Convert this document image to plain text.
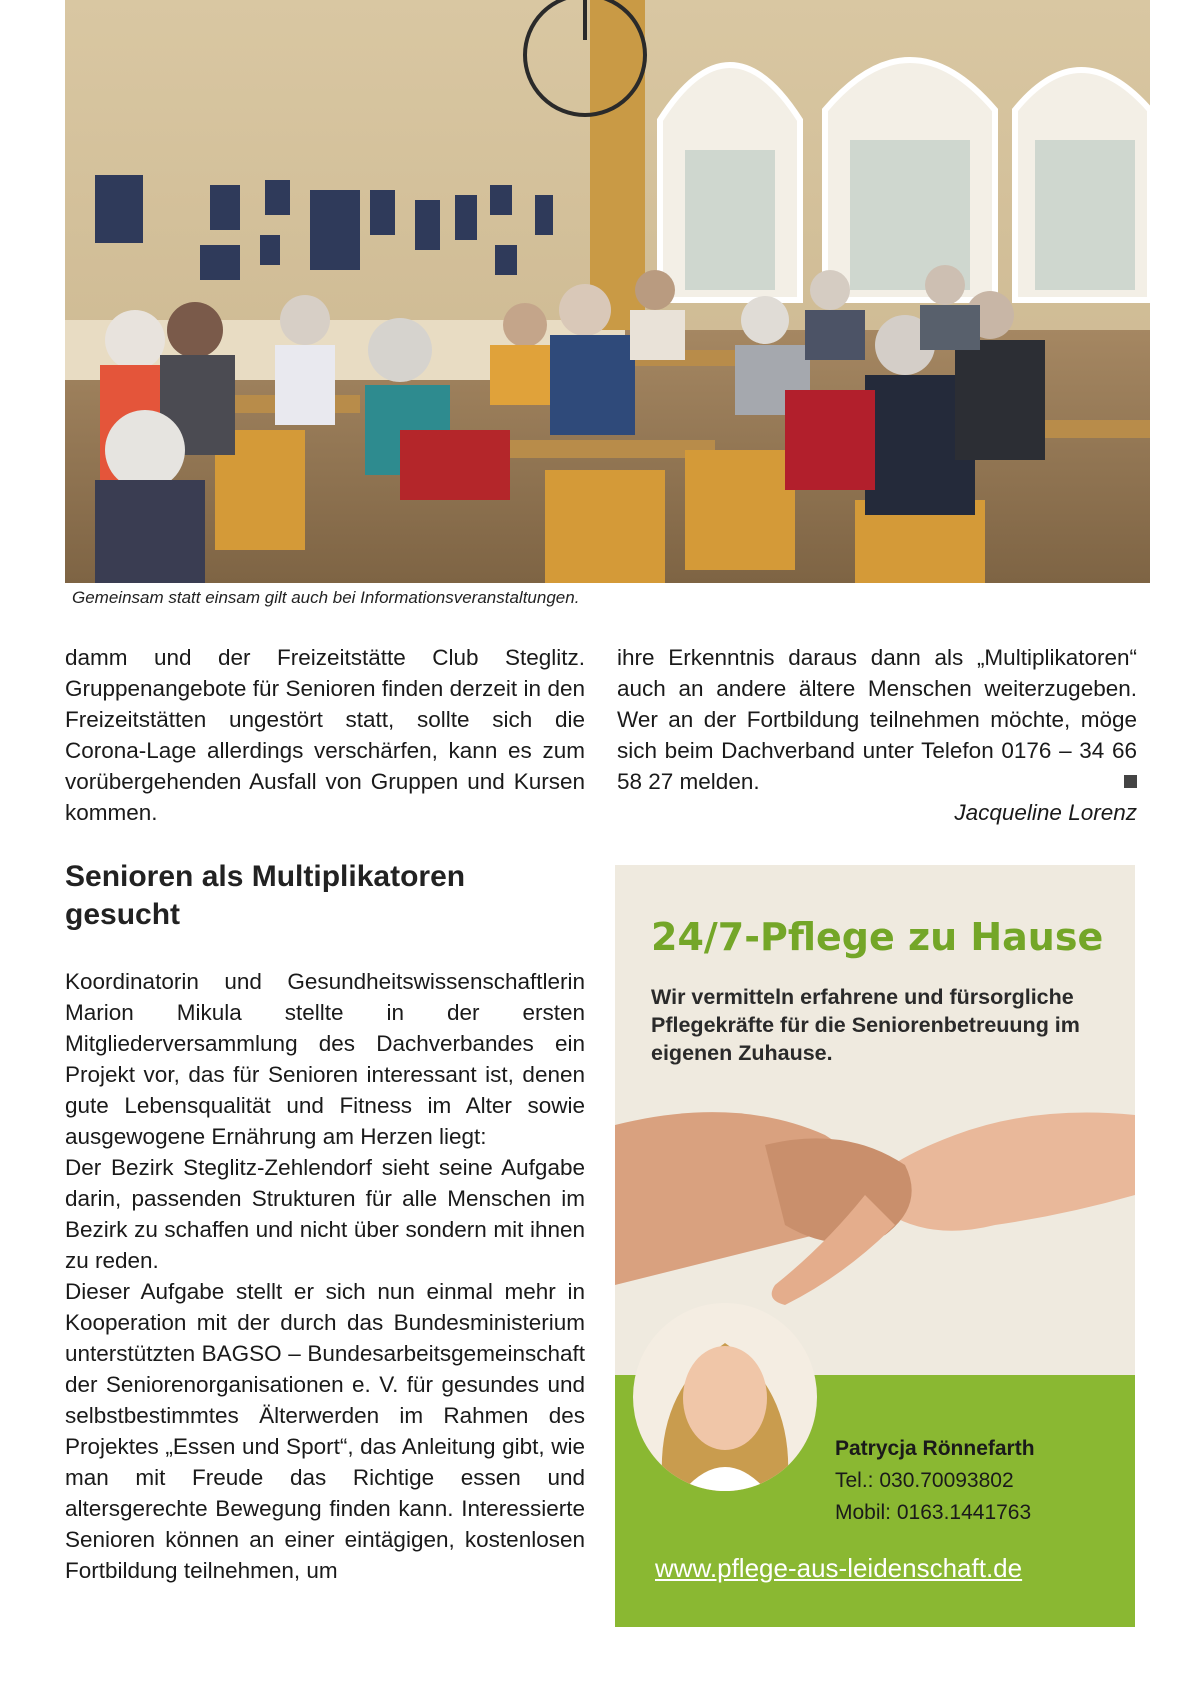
Gemeinsam statt einsam gilt auch bei Informationsveranstaltungen.

damm und der Freizeitstätte Club Steglitz. Gruppenangebote für Senioren finden derzeit in den Freizeitstätten ungestört statt, sollte sich die Corona-Lage allerdings verschärfen, kann es zum vorübergehenden Ausfall von Gruppen und Kursen kommen.

ihre Erkenntnis daraus dann als „Multiplikatoren“ auch an andere ältere Menschen weiterzugeben. Wer an der Fortbildung teilnehmen möchte, möge sich beim Dachverband unter Telefon 0176 – 34 66 58 27 melden.

Jacqueline Lorenz

Senioren als Multiplikatoren gesucht

Koordinatorin und Gesundheitswissenschaftlerin Marion Mikula stellte in der ersten Mitgliederversammlung des Dachverbandes ein Projekt vor, das für Senioren interessant ist, denen gute Lebensqualität und Fitness im Alter sowie ausgewogene Ernährung am Herzen liegt:

Der Bezirk Steglitz-Zehlendorf sieht seine Aufgabe darin, passenden Strukturen für alle Menschen im Bezirk zu schaffen und nicht über sondern mit ihnen zu reden.

Dieser Aufgabe stellt er sich nun einmal mehr in Kooperation mit der durch das Bundesministerium unterstützten BAGSO – Bundesarbeitsgemeinschaft der Seniorenorganisationen e. V. für gesundes und selbstbestimmtes Älterwerden im Rahmen des Projektes „Essen und Sport“, das Anleitung gibt, wie man mit Freude das Richtige essen und altersgerechte Bewegung finden kann. Interessierte Senioren können an einer eintägigen, kostenlosen Fortbildung teilnehmen, um

24/7-Pflege zu Hause
Wir vermitteln erfahrene und fürsorgliche Pflegekräfte für die Seniorenbetreuung im eigenen Zuhause.
Patrycja Rönnefarth
Tel.: 030.70093802
Mobil: 0163.1441763
www.pflege-aus-leidenschaft.de
